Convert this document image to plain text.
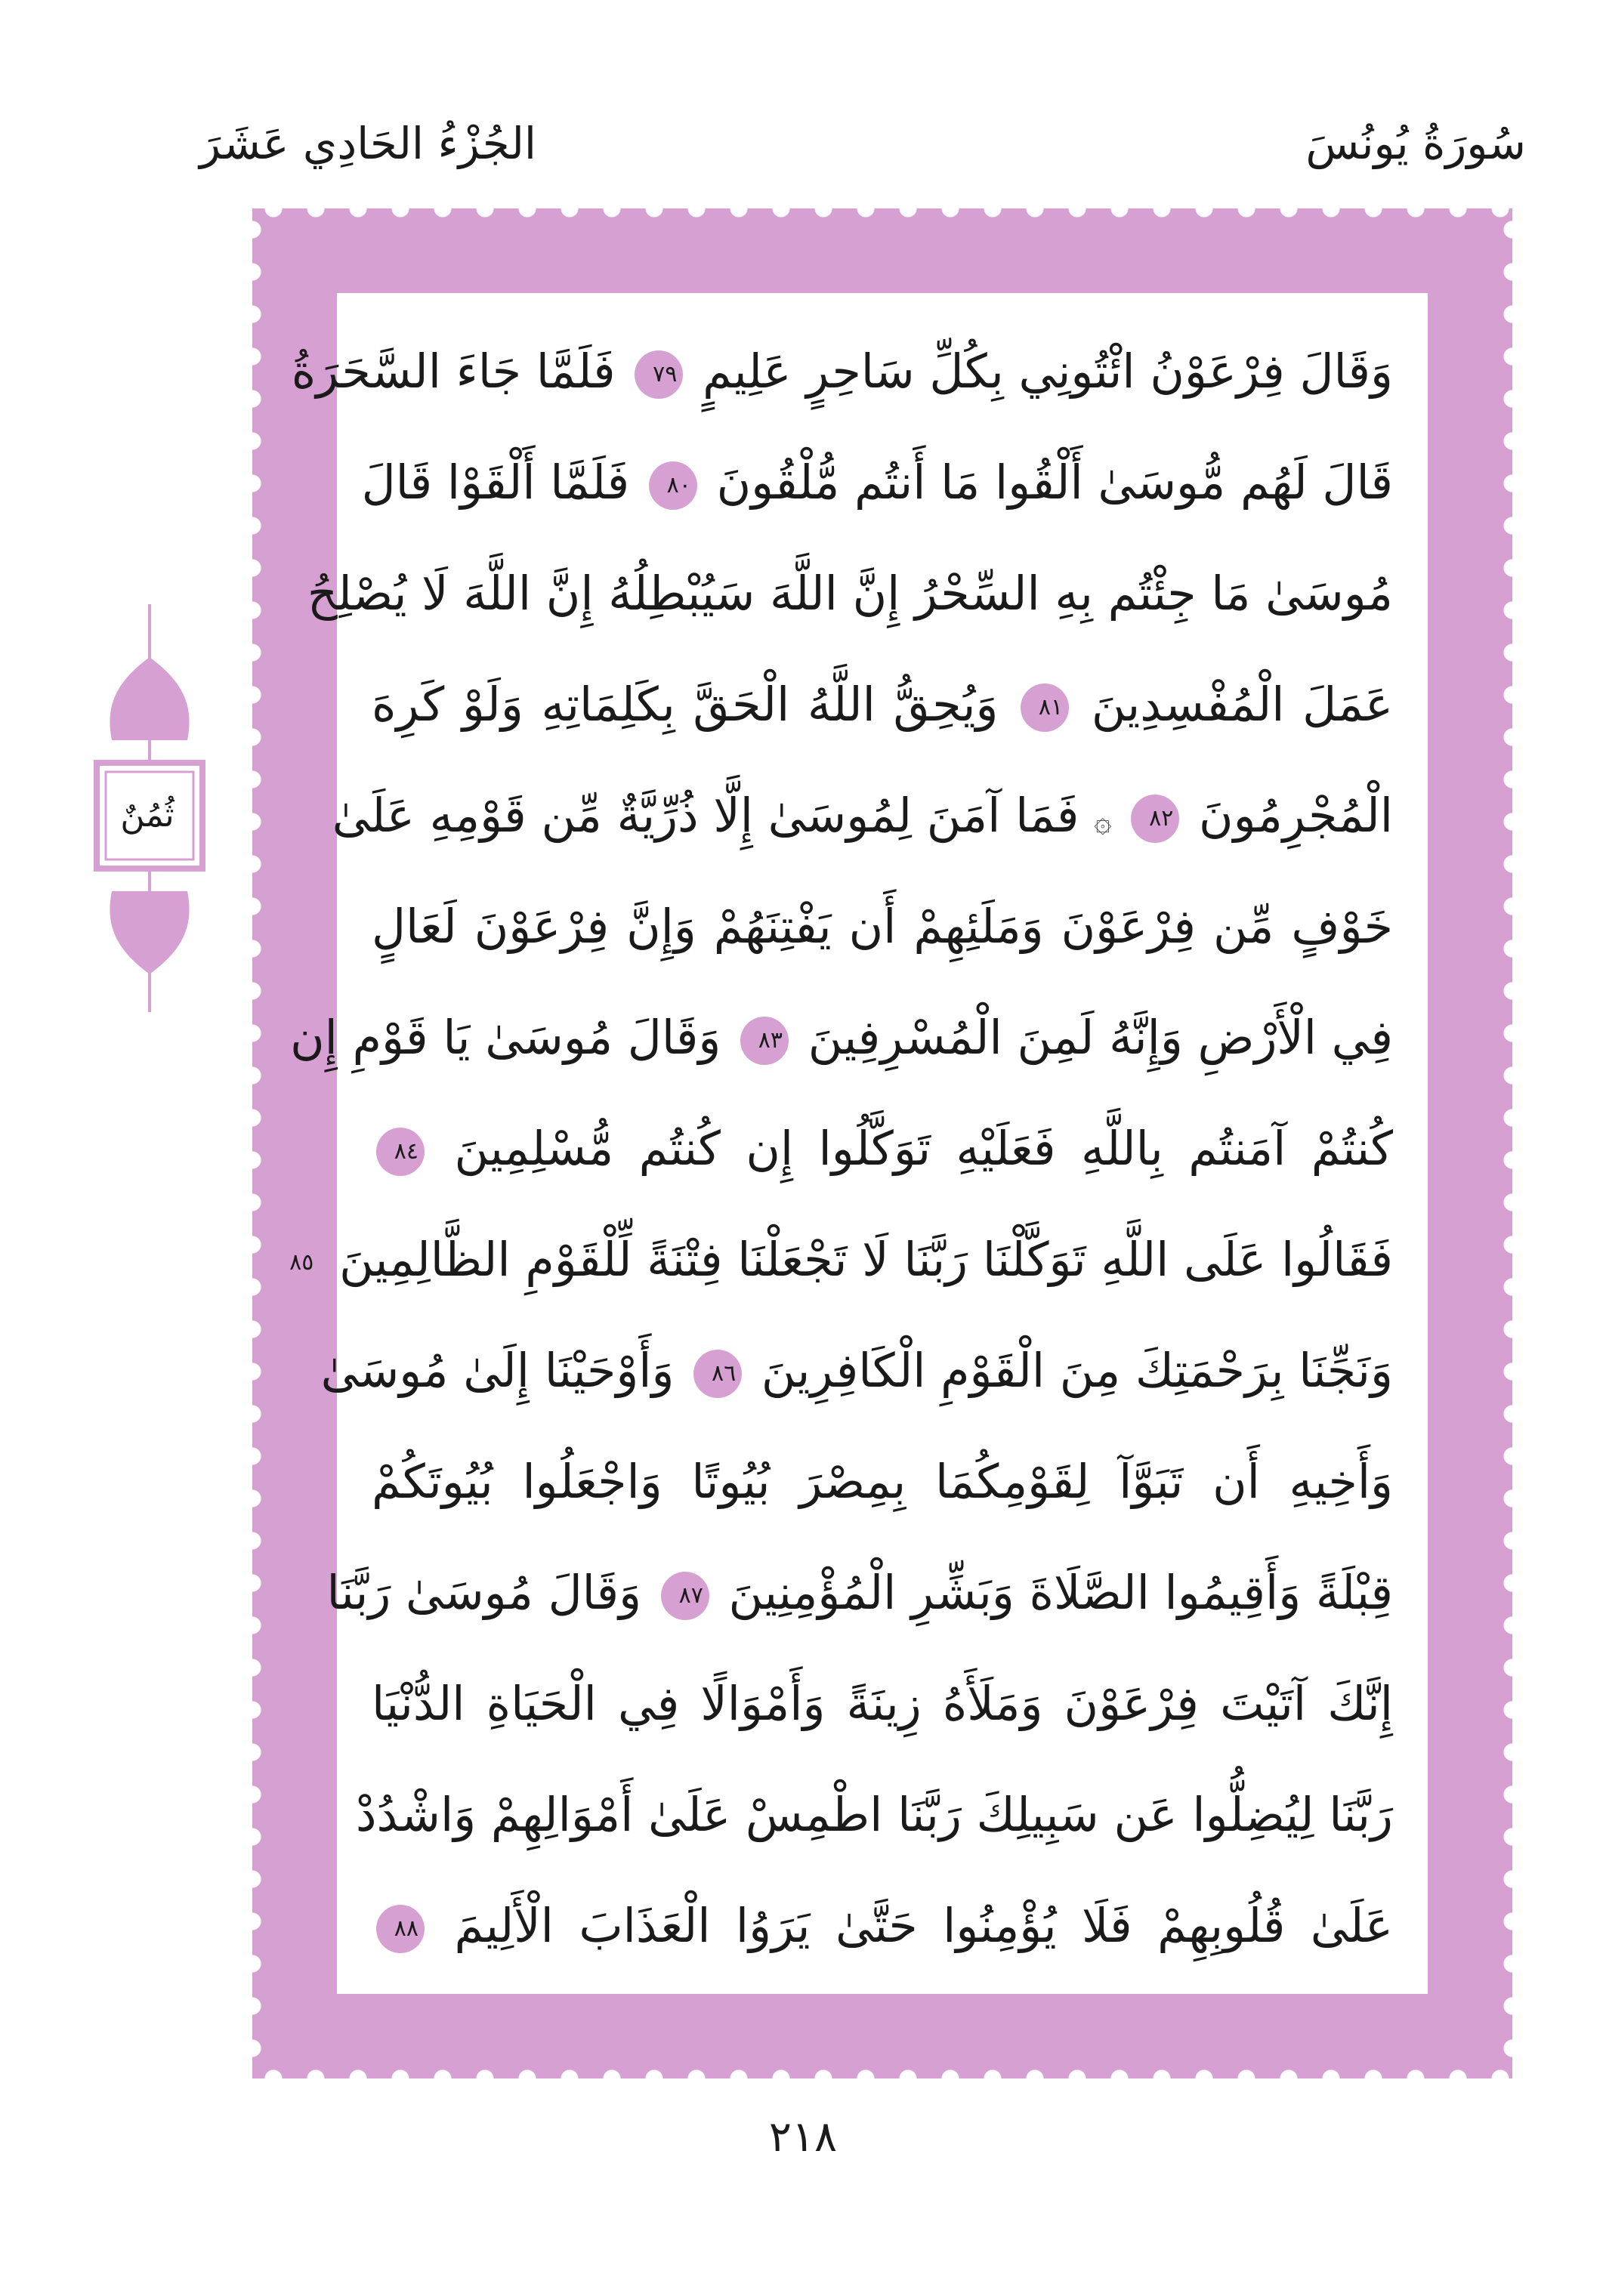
سُورَةُ يُونُسَ
الجُزْءُ الحَادِي عَشَرَ
وَقَالَ فِرْعَوْنُ ائْتُونِي بِكُلِّ سَاحِرٍ عَلِيمٍ ٧٩ فَلَمَّا جَاءَ السَّحَرَةُ
قَالَ لَهُم مُّوسَىٰ أَلْقُوا مَا أَنتُم مُّلْقُونَ ٨٠ فَلَمَّا أَلْقَوْا قَالَ
مُوسَىٰ مَا جِئْتُم بِهِ السِّحْرُ إِنَّ اللَّهَ سَيُبْطِلُهُ إِنَّ اللَّهَ لَا يُصْلِحُ
عَمَلَ الْمُفْسِدِينَ ٨١ وَيُحِقُّ اللَّهُ الْحَقَّ بِكَلِمَاتِهِ وَلَوْ كَرِهَ
الْمُجْرِمُونَ ٨٢ ۞ فَمَا آمَنَ لِمُوسَىٰ إِلَّا ذُرِّيَّةٌ مِّن قَوْمِهِ عَلَىٰ
خَوْفٍ مِّن فِرْعَوْنَ وَمَلَئِهِمْ أَن يَفْتِنَهُمْ وَإِنَّ فِرْعَوْنَ لَعَالٍ
فِي الْأَرْضِ وَإِنَّهُ لَمِنَ الْمُسْرِفِينَ ٨٣ وَقَالَ مُوسَىٰ يَا قَوْمِ إِن
كُنتُمْ آمَنتُم بِاللَّهِ فَعَلَيْهِ تَوَكَّلُوا إِن كُنتُم مُّسْلِمِينَ ٨٤
فَقَالُوا عَلَى اللَّهِ تَوَكَّلْنَا رَبَّنَا لَا تَجْعَلْنَا فِتْنَةً لِّلْقَوْمِ الظَّالِمِينَ ٨٥
وَنَجِّنَا بِرَحْمَتِكَ مِنَ الْقَوْمِ الْكَافِرِينَ ٨٦ وَأَوْحَيْنَا إِلَىٰ مُوسَىٰ
وَأَخِيهِ أَن تَبَوَّآ لِقَوْمِكُمَا بِمِصْرَ بُيُوتًا وَاجْعَلُوا بُيُوتَكُمْ
قِبْلَةً وَأَقِيمُوا الصَّلَاةَ وَبَشِّرِ الْمُؤْمِنِينَ ٨٧ وَقَالَ مُوسَىٰ رَبَّنَا
إِنَّكَ آتَيْتَ فِرْعَوْنَ وَمَلَأَهُ زِينَةً وَأَمْوَالًا فِي الْحَيَاةِ الدُّنْيَا
رَبَّنَا لِيُضِلُّوا عَن سَبِيلِكَ رَبَّنَا اطْمِسْ عَلَىٰ أَمْوَالِهِمْ وَاشْدُدْ
عَلَىٰ قُلُوبِهِمْ فَلَا يُؤْمِنُوا حَتَّىٰ يَرَوُا الْعَذَابَ الْأَلِيمَ ٨٨
ثُمُنٌ
٢١٨
